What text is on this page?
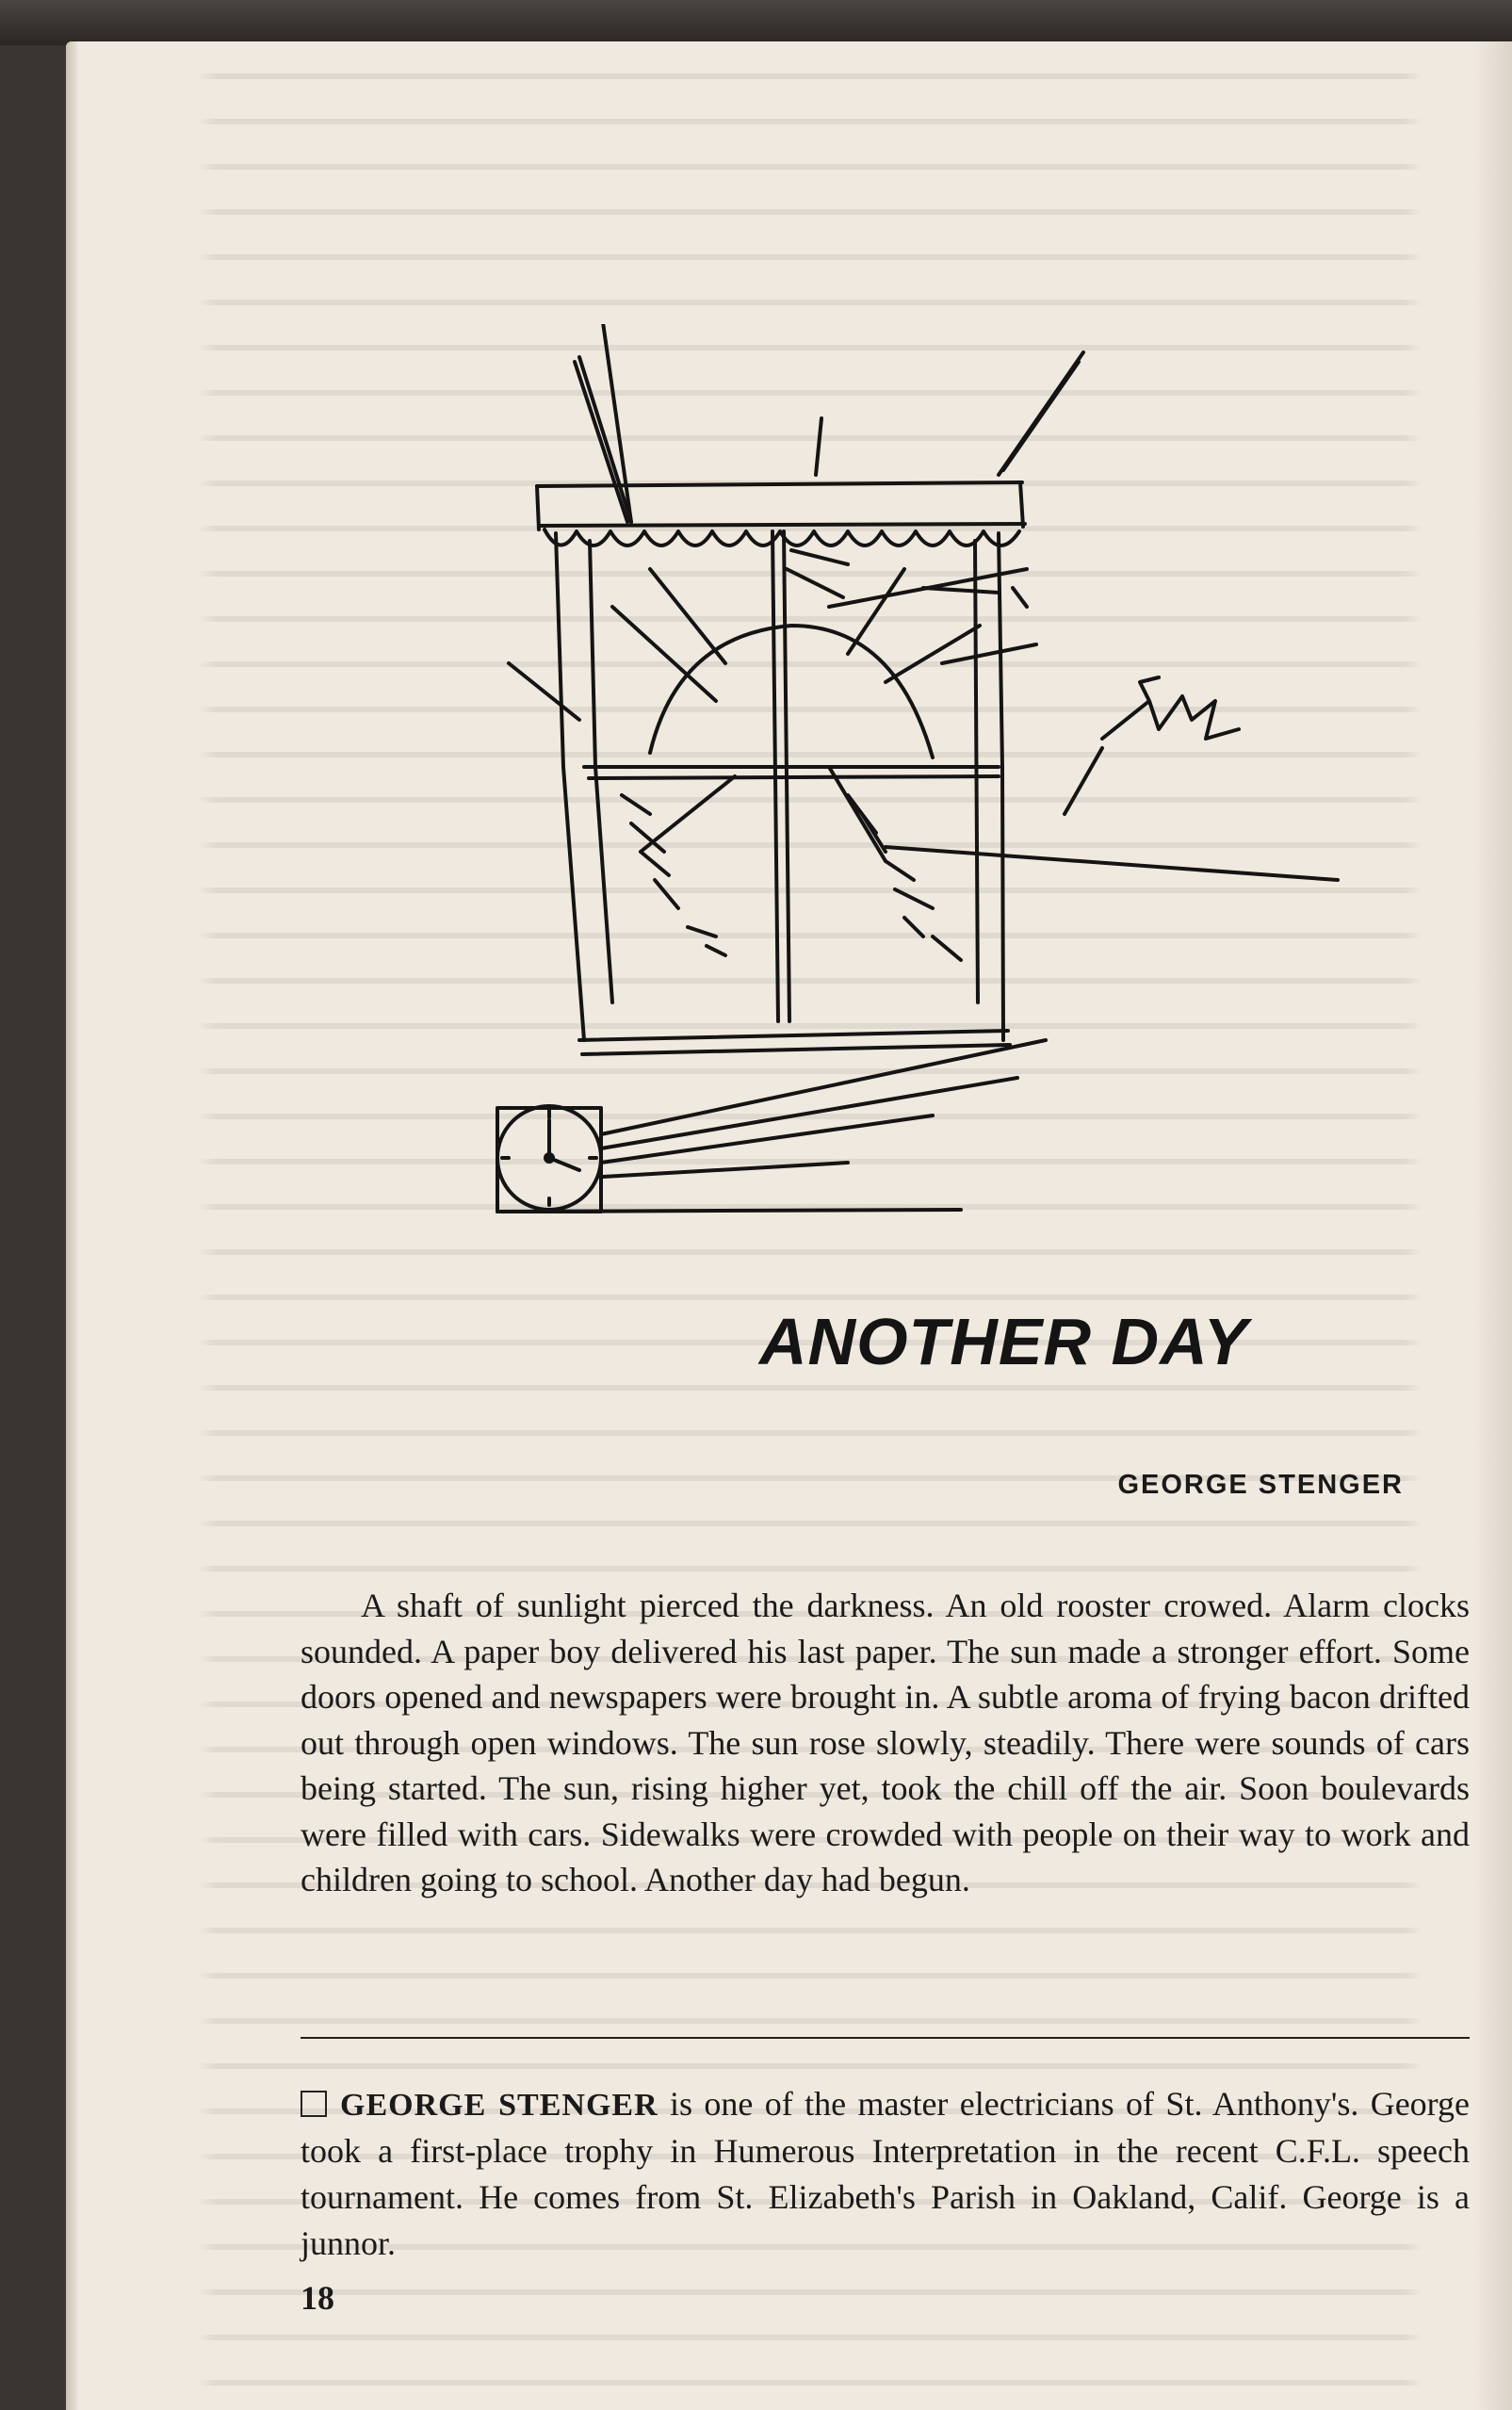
ANOTHER DAY

GEORGE STENGER

A shaft of sunlight pierced the darkness. An old rooster crowed. Alarm clocks sounded. A paper boy delivered his last paper. The sun made a stronger effort. Some doors opened and newspapers were brought in. A subtle aroma of frying bacon drifted out through open windows. The sun rose slowly, steadily. There were sounds of cars being started. The sun, rising higher yet, took the chill off the air. Soon boulevards were filled with cars. Sidewalks were crowded with people on their way to work and children going to school. Another day had begun.

GEORGE STENGER is one of the master electricians of St. Anthony's. George took a first-place trophy in Humerous Interpretation in the recent C.F.L. speech tournament. He comes from St. Elizabeth's Parish in Oakland, Calif. George is a junnor.

18
